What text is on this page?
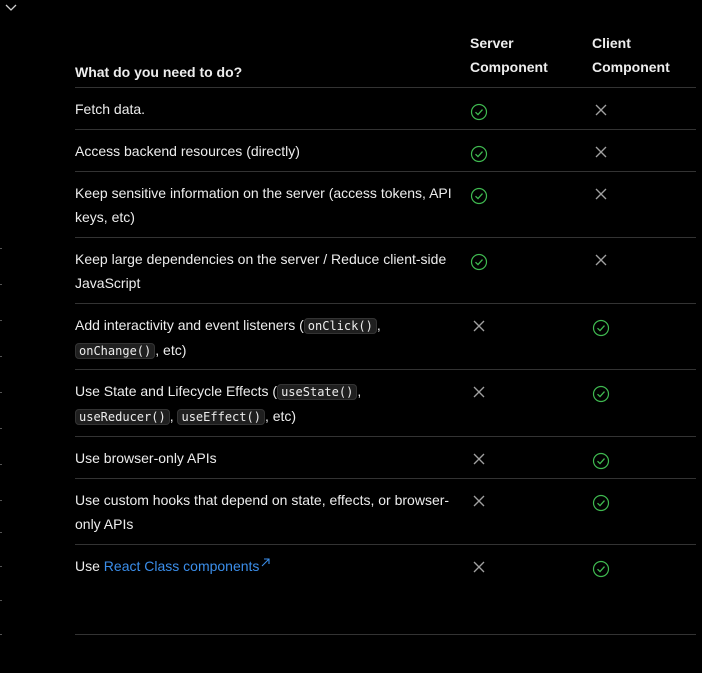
What do you need to do?
Server Component
Client Component
Fetch data.
Access backend resources (directly)
Keep sensitive information on the server (access tokens, API keys, etc)
Keep large dependencies on the server / Reduce client-side JavaScript
Add interactivity and event listeners ( onClick() , onChange() , etc)
Use State and Lifecycle Effects ( useState() , useReducer() , useEffect() , etc)
Use browser-only APIs
Use custom hooks that depend on state, effects, or browser-only APIs
Use React Class components
